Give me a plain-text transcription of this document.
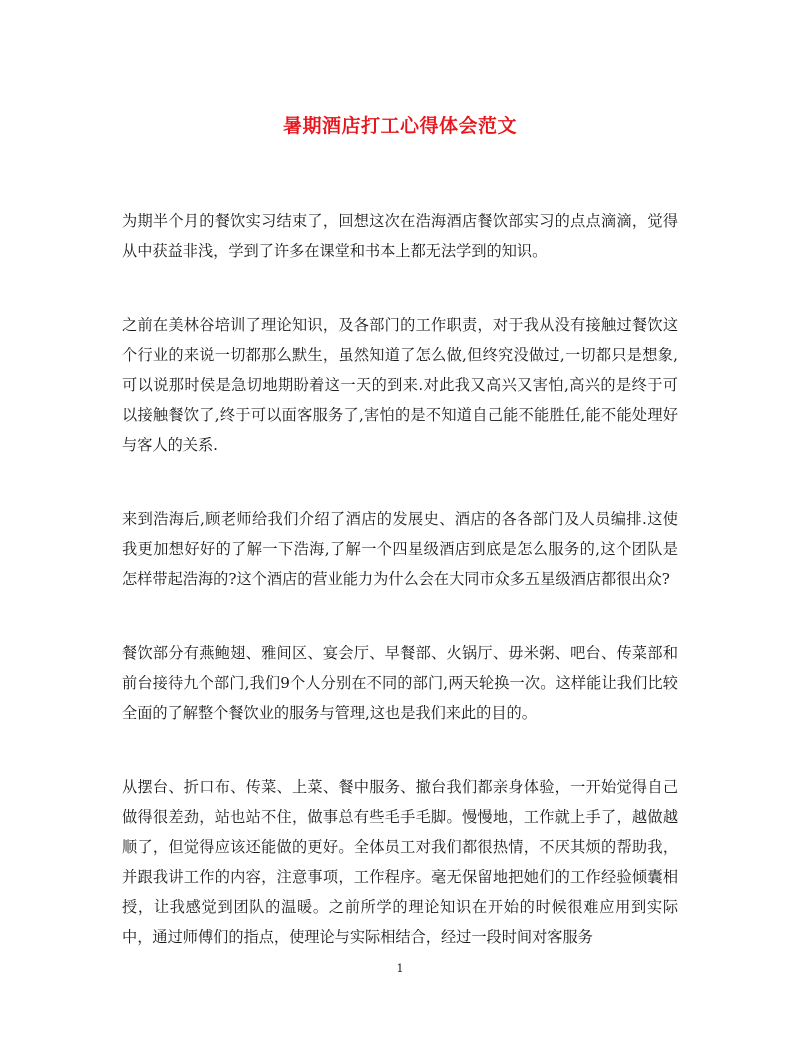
暑期酒店打工心得体会范文

为期半个月的餐饮实习结束了，回想这次在浩海酒店餐饮部实习的点点滴滴，觉得从中获益非浅，学到了许多在课堂和书本上都无法学到的知识。

之前在美林谷培训了理论知识，及各部门的工作职责，对于我从没有接触过餐饮这个行业的来说一切都那么默生，虽然知道了怎么做,但终究没做过,一切都只是想象,可以说那时侯是急切地期盼着这一天的到来.对此我又高兴又害怕,高兴的是终于可以接触餐饮了,终于可以面客服务了,害怕的是不知道自己能不能胜任,能不能处理好与客人的关系.

来到浩海后,顾老师给我们介绍了酒店的发展史、酒店的各各部门及人员编排.这使我更加想好好的了解一下浩海,了解一个四星级酒店到底是怎么服务的,这个团队是怎样带起浩海的?这个酒店的营业能力为什么会在大同市众多五星级酒店都很出众?

餐饮部分有燕鲍翅、雅间区、宴会厅、早餐部、火锅厅、毋米粥、吧台、传菜部和前台接待九个部门,我们9个人分别在不同的部门,两天轮换一次。这样能让我们比较全面的了解整个餐饮业的服务与管理,这也是我们来此的目的。

从摆台、折口布、传菜、上菜、餐中服务、撤台我们都亲身体验，一开始觉得自己做得很差劲，站也站不住，做事总有些毛手毛脚。慢慢地，工作就上手了，越做越顺了，但觉得应该还能做的更好。全体员工对我们都很热情，不厌其烦的帮助我，并跟我讲工作的内容，注意事项，工作程序。毫无保留地把她们的工作经验倾囊相授，让我感觉到团队的温暖。之前所学的理论知识在开始的时候很难应用到实际中，通过师傅们的指点，使理论与实际相结合，经过一段时间对客服务

1
